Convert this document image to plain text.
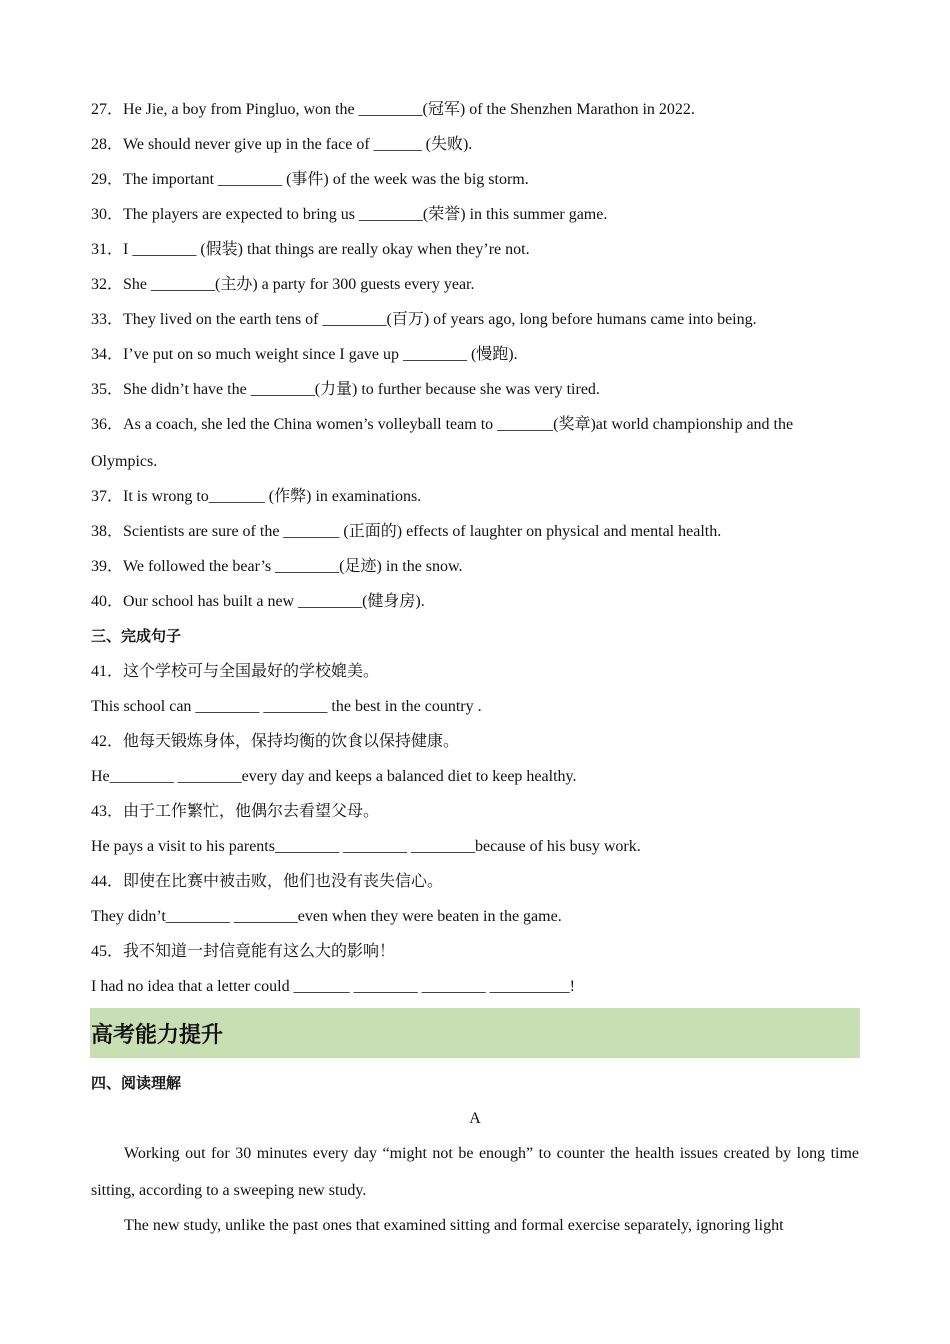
27．He Jie, a boy from Pingluo, won the ________(冠军) of the Shenzhen Marathon in 2022.
28．We should never give up in the face of ______ (失败).
29．The important ________ (事件) of the week was the big storm.
30．The players are expected to bring us ________(荣誉) in this summer game.
31．I ________ (假装) that things are really okay when they’re not.
32．She ________(主办) a party for 300 guests every year.
33．They lived on the earth tens of ________(百万) of years ago, long before humans came into being.
34．I’ve put on so much weight since I gave up ________ (慢跑).
35．She didn’t have the ________(力量) to further because she was very tired.
36．As a coach, she led the China women’s volleyball team to _______(奖章)at world championship and the
Olympics.
37．It is wrong to_______ (作弊) in examinations.
38．Scientists are sure of the _______ (正面的) effects of laughter on physical and mental health.
39．We followed the bear’s ________(足迹) in the snow.
40．Our school has built a new ________(健身房).
三、完成句子
41．这个学校可与全国最好的学校媲美。
This school can ________ ________ the best in the country .
42．他每天锻炼身体，保持均衡的饮食以保持健康。
He________ ________every day and keeps a balanced diet to keep healthy.
43．由于工作繁忙，他偶尔去看望父母。
He pays a visit to his parents________ ________ ________because of his busy work.
44．即使在比赛中被击败，他们也没有丧失信心。
They didn’t________ ________even when they were beaten in the game.
45．我不知道一封信竟能有这么大的影响！
I had no idea that a letter could _______ ________ ________ __________!
高考能力提升
四、阅读理解
A
Working out for 30 minutes every day “might not be enough” to counter the health issues created by long time sitting, according to a sweeping new study.
The new study, unlike the past ones that examined sitting and formal exercise separately, ignoring light
